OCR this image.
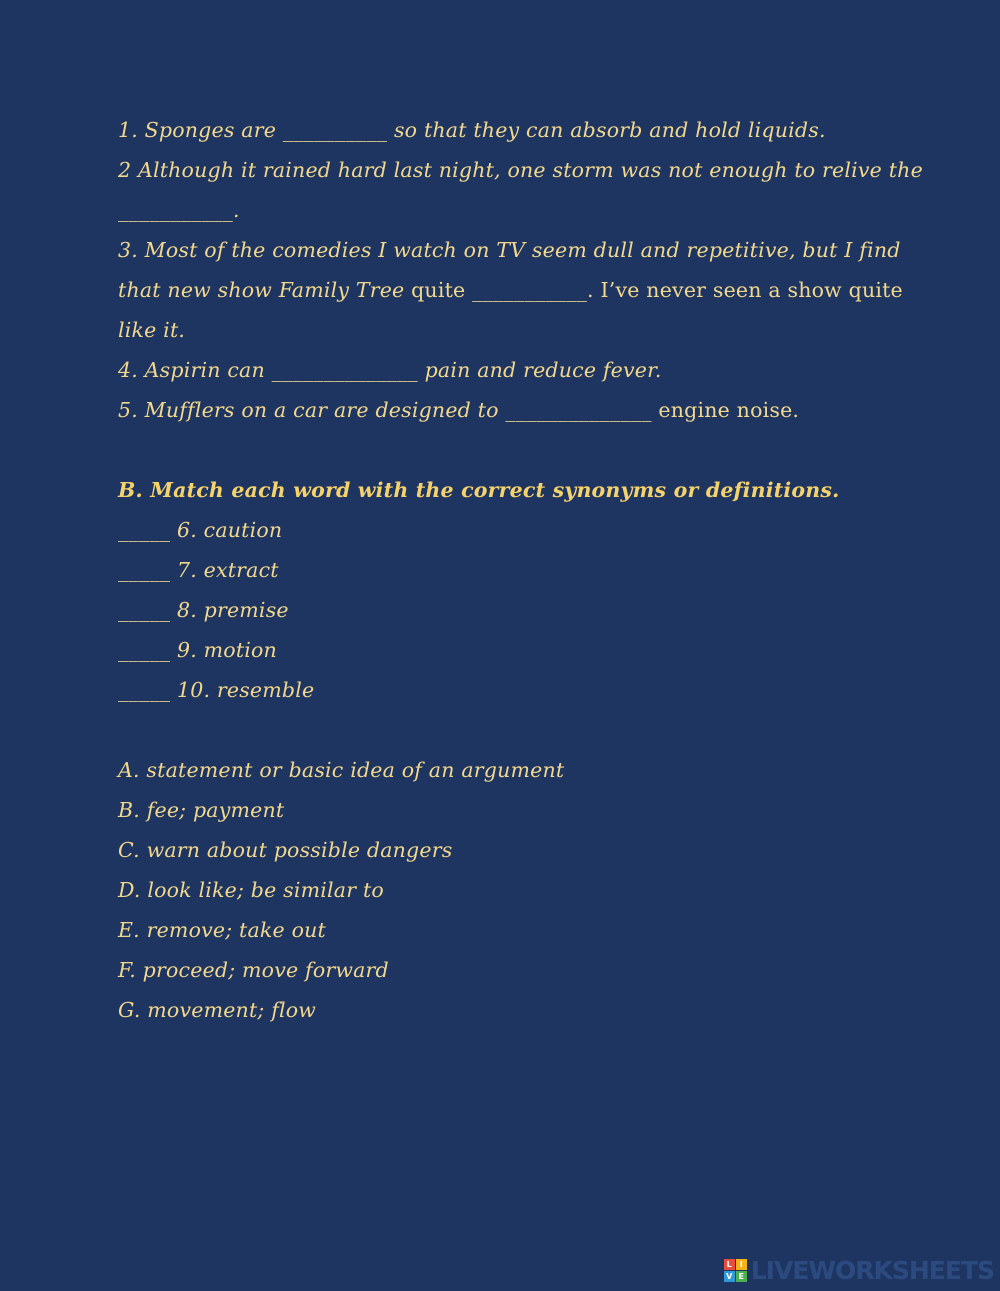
1. Sponges are __________ so that they can absorb and hold liquids.
2 Although it rained hard last night, one storm was not enough to relive the
___________.
3. Most of the comedies I watch on TV seem dull and repetitive, but I find
that new show Family Tree quite ___________. I’ve never seen a show quite
like it.
4. Aspirin can ______________ pain and reduce fever.
5. Mufflers on a car are designed to ______________ engine noise.
B. Match each word with the correct synonyms or definitions.
_____ 6. caution
_____ 7. extract
_____ 8. premise
_____ 9. motion
_____ 10. resemble
A. statement or basic idea of an argument
B. fee; payment
C. warn about possible dangers
D. look like; be similar to
E. remove; take out
F. proceed; move forward
G. movement; flow
L I
V E LIVEWORKSHEETS
